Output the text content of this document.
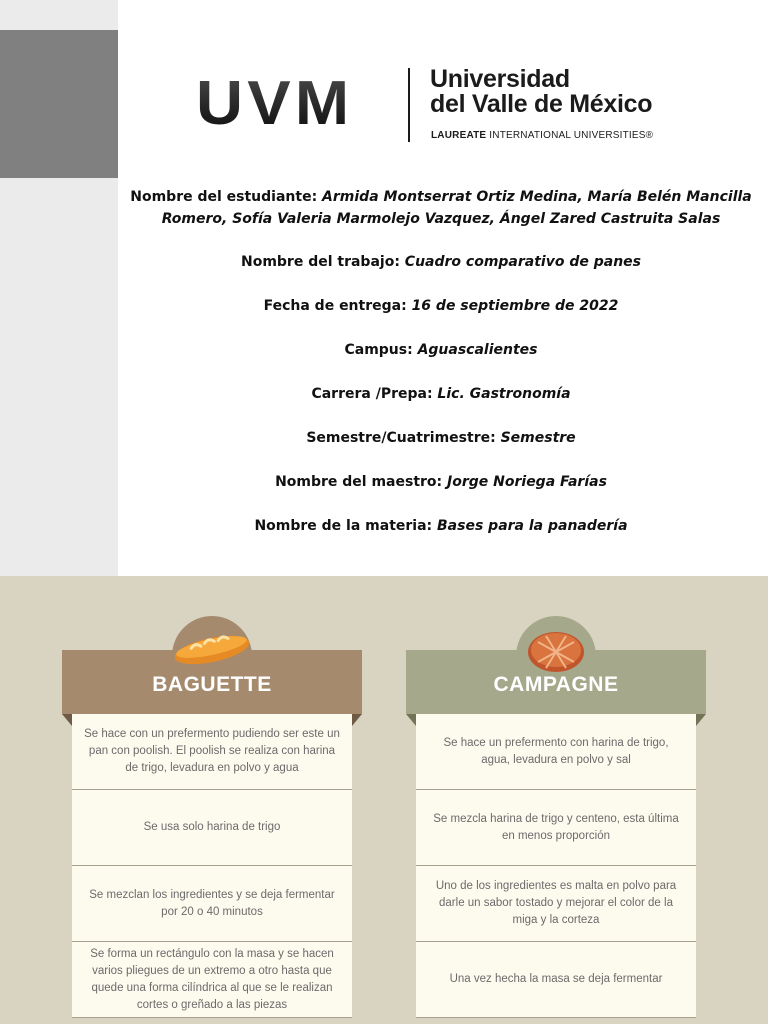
UVM	Universidad
del Valle de México
LAUREATE INTERNATIONAL UNIVERSITIES®
Nombre del estudiante: Armida Montserrat Ortiz Medina, María Belén Mancilla Romero, Sofía Valeria Marmolejo Vazquez, Ángel Zared Castruita Salas
Nombre del trabajo: Cuadro comparativo de panes
Fecha de entrega: 16 de septiembre de 2022
Campus: Aguascalientes
Carrera /Prepa: Lic. Gastronomía
Semestre/Cuatrimestre: Semestre
Nombre del maestro: Jorge Noriega Farías
Nombre de la materia: Bases para la panadería
BAGUETTE
Se hace con un prefermento pudiendo ser este un pan con poolish. El poolish se realiza con harina de trigo, levadura en polvo y agua
Se usa solo harina de trigo
Se mezclan los ingredientes y se deja fermentar por 20 o 40 minutos
Se forma un rectángulo con la masa y se hacen varios pliegues de un extremo a otro hasta que quede una forma cilíndrica al que se le realizan cortes o greñado a las piezas
CAMPAGNE
Se hace un prefermento con harina de trigo, agua, levadura en polvo y sal
Se mezcla harina de trigo y centeno, esta última en menos proporción
Uno de los ingredientes es malta en polvo para darle un sabor tostado y mejorar el color de la miga y la corteza
Una vez hecha la masa se deja fermentar
